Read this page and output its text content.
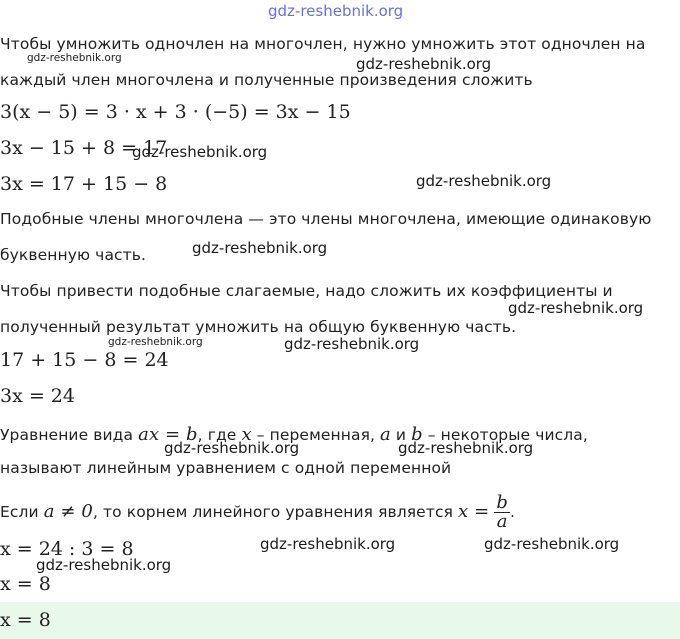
gdz-reshebnik.org
Чтобы умножить одночлен на многочлен, нужно умножить этот одночлен на
каждый член многочлена и полученные произведения сложить
3(x − 5) = 3 · x + 3 · (−5) = 3x − 15
3x − 15 + 8 = 17
3x = 17 + 15 − 8
Подобные члены многочлена — это члены многочлена, имеющие одинаковую
буквенную часть.
Чтобы привести подобные слагаемые, надо сложить их коэффициенты и
полученный результат умножить на общую буквенную часть.
17 + 15 − 8 = 24
3x = 24
Уравнение вида ax = b, где x – переменная, a и b – некоторые числа,
называют линейным уравнением с одной переменной
Если a ≠ 0, то корнем линейного уравнения является $x = \frac{b}{a}$ .
x = 24 : 3 = 8
x = 8
x = 8
gdz-reshebnik.org	gdz-reshebnik.org
gdz-reshebnik.org
gdz-reshebnik.org
gdz-reshebnik.org
gdz-reshebnik.org
gdz-reshebnik.org	gdz-reshebnik.org
gdz-reshebnik.org	gdz-reshebnik.org
gdz-reshebnik.org	gdz-reshebnik.org
gdz-reshebnik.org
